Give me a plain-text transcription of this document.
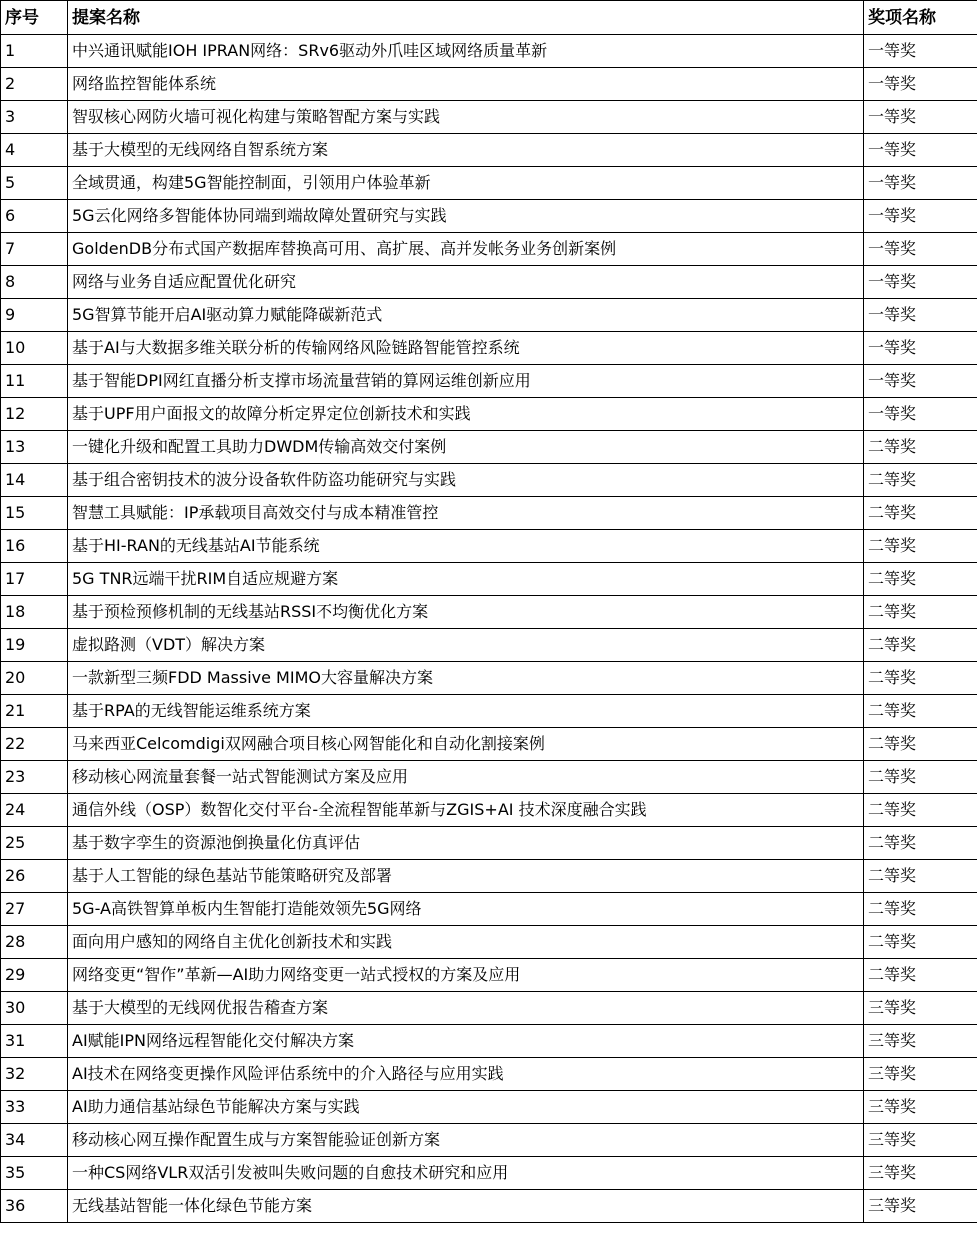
序号	提案名称	奖项名称
1	中兴通讯赋能IOH IPRAN网络：SRv6驱动外爪哇区域网络质量革新	一等奖
2	网络监控智能体系统	一等奖
3	智驭核心网防火墙可视化构建与策略智配方案与实践	一等奖
4	基于大模型的无线网络自智系统方案	一等奖
5	全域贯通，构建5G智能控制面，引领用户体验革新	一等奖
6	5G云化网络多智能体协同端到端故障处置研究与实践	一等奖
7	GoldenDB分布式国产数据库替换高可用、高扩展、高并发帐务业务创新案例	一等奖
8	网络与业务自适应配置优化研究	一等奖
9	5G智算节能开启AI驱动算力赋能降碳新范式	一等奖
10	基于AI与大数据多维关联分析的传输网络风险链路智能管控系统	一等奖
11	基于智能DPI网红直播分析支撑市场流量营销的算网运维创新应用	一等奖
12	基于UPF用户面报文的故障分析定界定位创新技术和实践	一等奖
13	一键化升级和配置工具助力DWDM传输高效交付案例	二等奖
14	基于组合密钥技术的波分设备软件防盗功能研究与实践	二等奖
15	智慧工具赋能：IP承载项目高效交付与成本精准管控	二等奖
16	基于HI-RAN的无线基站AI节能系统	二等奖
17	5G TNR远端干扰RIM自适应规避方案	二等奖
18	基于预检预修机制的无线基站RSSI不均衡优化方案	二等奖
19	虚拟路测（VDT）解决方案	二等奖
20	一款新型三频FDD Massive MIMO大容量解决方案	二等奖
21	基于RPA的无线智能运维系统方案	二等奖
22	马来西亚Celcomdigi双网融合项目核心网智能化和自动化割接案例	二等奖
23	移动核心网流量套餐一站式智能测试方案及应用	二等奖
24	通信外线（OSP）数智化交付平台-全流程智能革新与ZGIS+AI 技术深度融合实践	二等奖
25	基于数字孪生的资源池倒换量化仿真评估	二等奖
26	基于人工智能的绿色基站节能策略研究及部署	二等奖
27	5G-A高铁智算单板内生智能打造能效领先5G网络	二等奖
28	面向用户感知的网络自主优化创新技术和实践	二等奖
29	网络变更“智作”革新—AI助力网络变更一站式授权的方案及应用	二等奖
30	基于大模型的无线网优报告稽查方案	三等奖
31	AI赋能IPN网络远程智能化交付解决方案	三等奖
32	AI技术在网络变更操作风险评估系统中的介入路径与应用实践	三等奖
33	AI助力通信基站绿色节能解决方案与实践	三等奖
34	移动核心网互操作配置生成与方案智能验证创新方案	三等奖
35	一种CS网络VLR双活引发被叫失败问题的自愈技术研究和应用	三等奖
36	无线基站智能一体化绿色节能方案	三等奖
